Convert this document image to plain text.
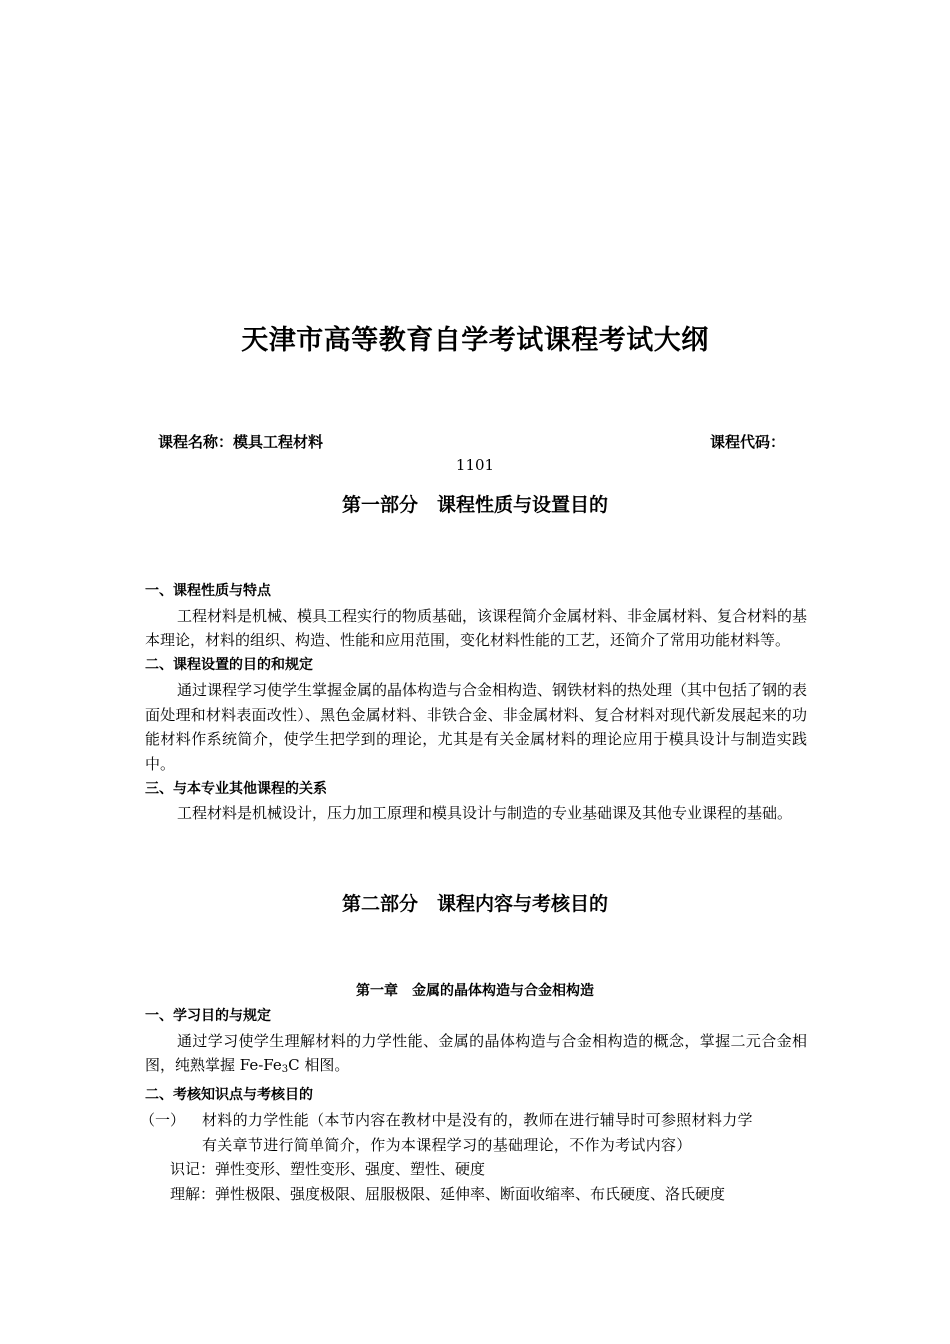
天津市高等教育自学考试课程考试大纲
课程名称：模具工程材料	课程代码：
1101
第一部分　课程性质与设置目的

一、课程性质与特点

工程材料是机械、模具工程实行的物质基础，该课程简介金属材料、非金属材料、复合材料的基本理论，材料的组织、构造、性能和应用范围，变化材料性能的工艺，还简介了常用功能材料等。

二、课程设置的目的和规定

通过课程学习使学生掌握金属的晶体构造与合金相构造、钢铁材料的热处理（其中包括了钢的表面处理和材料表面改性）、黑色金属材料、非铁合金、非金属材料、复合材料对现代新发展起来的功能材料作系统简介，使学生把学到的理论，尤其是有关金属材料的理论应用于模具设计与制造实践中。

三、与本专业其他课程的关系

工程材料是机械设计，压力加工原理和模具设计与制造的专业基础课及其他专业课程的基础。

第二部分　课程内容与考核目的
第一章　金属的晶体构造与合金相构造

一、学习目的与规定

通过学习使学生理解材料的力学性能、金属的晶体构造与合金相构造的概念，掌握二元合金相图，纯熟掌握 $Fe-Fe_3C$ 相图。

二、考核知识点与考核目的

（一） 材料的力学性能（本节内容在教材中是没有的，教师在进行辅导时可参照材料力学
有关章节进行简单简介，作为本课程学习的基础理论，不作为考试内容）

识记：弹性变形、塑性变形、强度、塑性、硬度

理解：弹性极限、强度极限、屈服极限、延伸率、断面收缩率、布氏硬度、洛氏硬度
